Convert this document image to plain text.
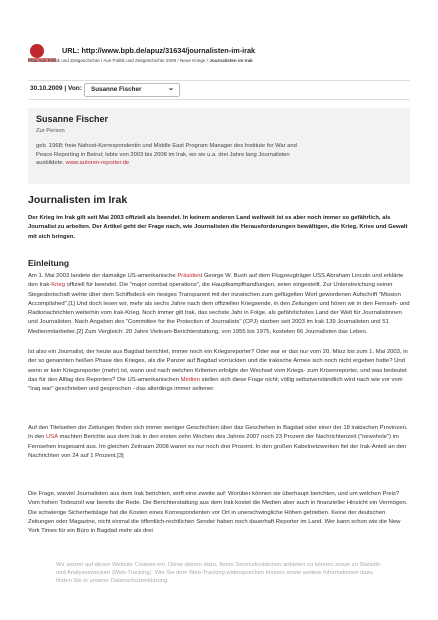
URL: http://www.bpb.de/apuz/31634/journalisten-im-irak
Pfad Aus Politik und Zeitgeschichte / Aus Politik und Zeitgeschichte 2009 / Neue Kriege / Journalisten im Irak
30.10.2009 | Von: Susanne Fischer	⌄
Susanne Fischer
Zur Person
geb. 1968; freie Nahost-Korrespondentin und Middle East Program Manager des Institute for War and Peace Reporting in Beirut; lebte von 2003 bis 2008 im Irak, wo sie u.a. drei Jahre lang Journalisten ausbildete. www.autoren-reporter.de
Journalisten im Irak

Der Krieg im Irak gilt seit Mai 2003 offiziell als beendet. In keinem anderen Land weltweit ist es aber noch immer so gefährlich, als Journalist zu arbeiten. Der Artikel geht der Frage nach, wie Journalisten die Herausforderungen bewältigen, die Krieg, Krise und Gewalt mit sich bringen.

Einleitung

Am 1. Mai 2003 landete der damalige US-amerikanische Präsident George W. Bush auf dem Flugzeugträger USS Abraham Lincoln und erklärte den Irak-Krieg offiziell für beendet. Die "major combat operations", die Hauptkampfhandlungen, seien eingestellt. Zur Unterstreichung seiner Siegesbotschaft wehte über dem Schiffsdeck ein riesiges Transparent mit der inzwischen zum geflügelten Wort gewordenen Aufschrift "Mission Accomplished".[1] Und doch lesen wir, mehr als sechs Jahre nach dem offiziellen Kriegsende, in den Zeitungen und hören wir in den Fernseh- und Radionachrichten weiterhin vom Irak-Krieg. Noch immer gilt Irak, das sechste Jahr in Folge, als gefährlichstes Land der Welt für Journalistinnen und Journalisten. Nach Angaben des "Committee for the Protection of Journalists" (CPJ) starben seit 2003 im Irak 139 Journalisten und 51 Medienmitarbeiter.[2] Zum Vergleich: 20 Jahre Vietnam-Berichterstattung, von 1955 bis 1975, kosteten 66 Journalisten das Leben.

Ist also ein Journalist, der heute aus Bagdad berichtet, immer noch ein Kriegsreporter? Oder war er das nur vom 20. März bis zum 1. Mai 2003, in der so genannten heißen Phase des Krieges, als die Panzer auf Bagdad vorrückten und die irakische Armee sich noch nicht ergeben hatte? Und wenn er kein Kriegsreporter (mehr) ist, wann und nach welchen Kriterien erfolgte der Wechsel vom Kriegs- zum Krisenreporter, und was bedeutet das für den Alltag des Reporters? Die US-amerikanischen Medien stellen sich diese Frage nicht; völlig selbstverständlich wird nach wie vor vom "Iraq war" geschrieben und gesprochen - das allerdings immer seltener.

Auf den Titelseiten der Zeitungen finden sich immer weniger Geschichten über das Geschehen in Bagdad oder einer der 18 irakischen Provinzen. In den USA machten Berichte aus dem Irak in den ersten zehn Wochen des Jahres 2007 noch 23 Prozent der Nachrichtenzeit ("newshole") im Fernsehen insgesamt aus. Im gleichen Zeitraum 2008 waren es nur noch drei Prozent. In den großen Kabelnetzwerken fiel der Irak-Anteil an den Nachrichten von 24 auf 1 Prozent.[3]

Die Frage, wieviel Journalisten aus dem Irak berichten, wirft eine zweite auf: Worüber können sie überhaupt berichten, und um welchen Preis? Vom hohen Todeszoll war bereits die Rede. Die Berichterstattung aus dem Irak kostet die Medien aber auch in finanzieller Hinsicht ein Vermögen. Die schwierige Sicherheitslage hat die Kosten eines Korrespondenten vor Ort in unerschwingliche Höhen getrieben. Keine der deutschen Zeitungen oder Magazine, nicht einmal die öffentlich-rechtlichen Sender haben noch dauerhaft Reporter im Land. Wer kann schon wie die New York Times für ein Büro in Bagdad mehr als drei

Wir setzen auf dieser Website Cookies ein. Diese dienen dazu, Ihnen Servicefunktionen anbieten zu können sowie zu Statistik-und Analysezwecken (Web-Tracking). Wie Sie dem Web-Tracking widersprechen können sowie weitere Informationen dazu finden Sie in unserer Datenschutzerklärung.
